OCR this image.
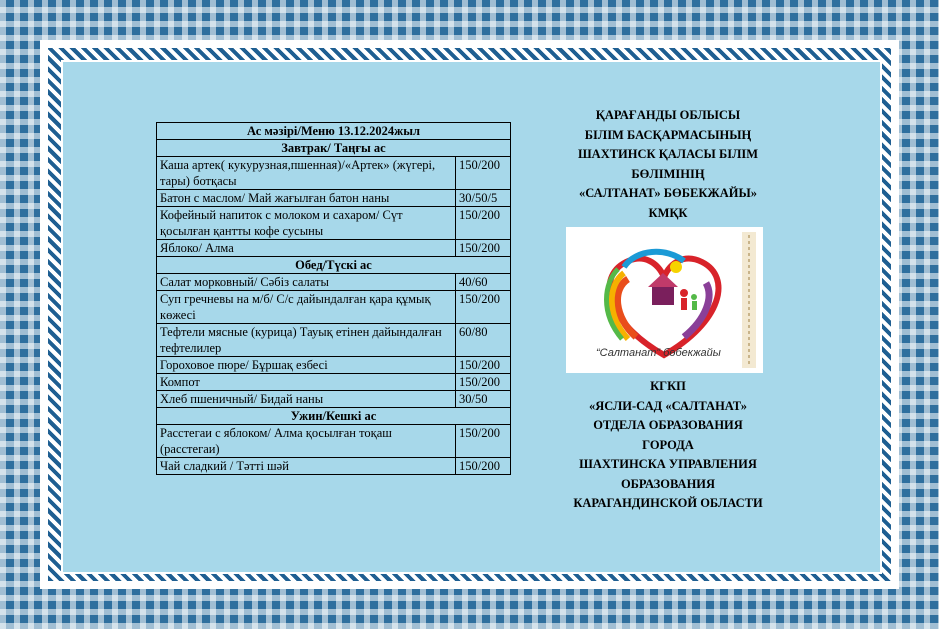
Ас мәзірі/Меню 13.12.2024жыл	
Завтрак/ Таңғы ас	
Каша артек( кукурузная,пшенная)/«Артек» (жүгері, тары) ботқасы	150/200
Батон с маслом/ Май жағылған батон наны	30/50/5
Кофейный напиток с молоком и сахаром/ Сүт қосылған қантты кофе сусыны	150/200
Яблоко/ Алма	150/200
Обед/Түскі ас	
Салат морковный/ Сәбіз салаты	40/60
Суп гречневы на м/б/ С/с дайындалған қара құмық көжесі	150/200
Тефтели мясные (курица) Тауық етінен дайындалған тефтелилер	60/80
Гороховое пюре/ Бұршақ езбесі	150/200
Компот	150/200
Хлеб пшеничный/ Бидай наны	30/50
Ужин/Кешкі ас	
Расстегаи с яблоком/ Алма қосылған тоқаш (расстегаи)	150/200
Чай сладкий / Тәтті шәй	150/200
ҚАРАҒАНДЫ ОБЛЫСЫ
БІЛІМ БАСҚАРМАСЫНЫҢ
ШАХТИНСК ҚАЛАСЫ БІЛІМ
БӨЛІМІНІҢ
«САЛТАНАТ» БӨБЕКЖАЙЫ»
КМҚК
“Салтанат” бөбекжайы
КГКП
«ЯСЛИ-САД «САЛТАНАТ»
ОТДЕЛА ОБРАЗОВАНИЯ
ГОРОДА
ШАХТИНСКА УПРАВЛЕНИЯ
ОБРАЗОВАНИЯ
КАРАГАНДИНСКОЙ ОБЛАСТИ
